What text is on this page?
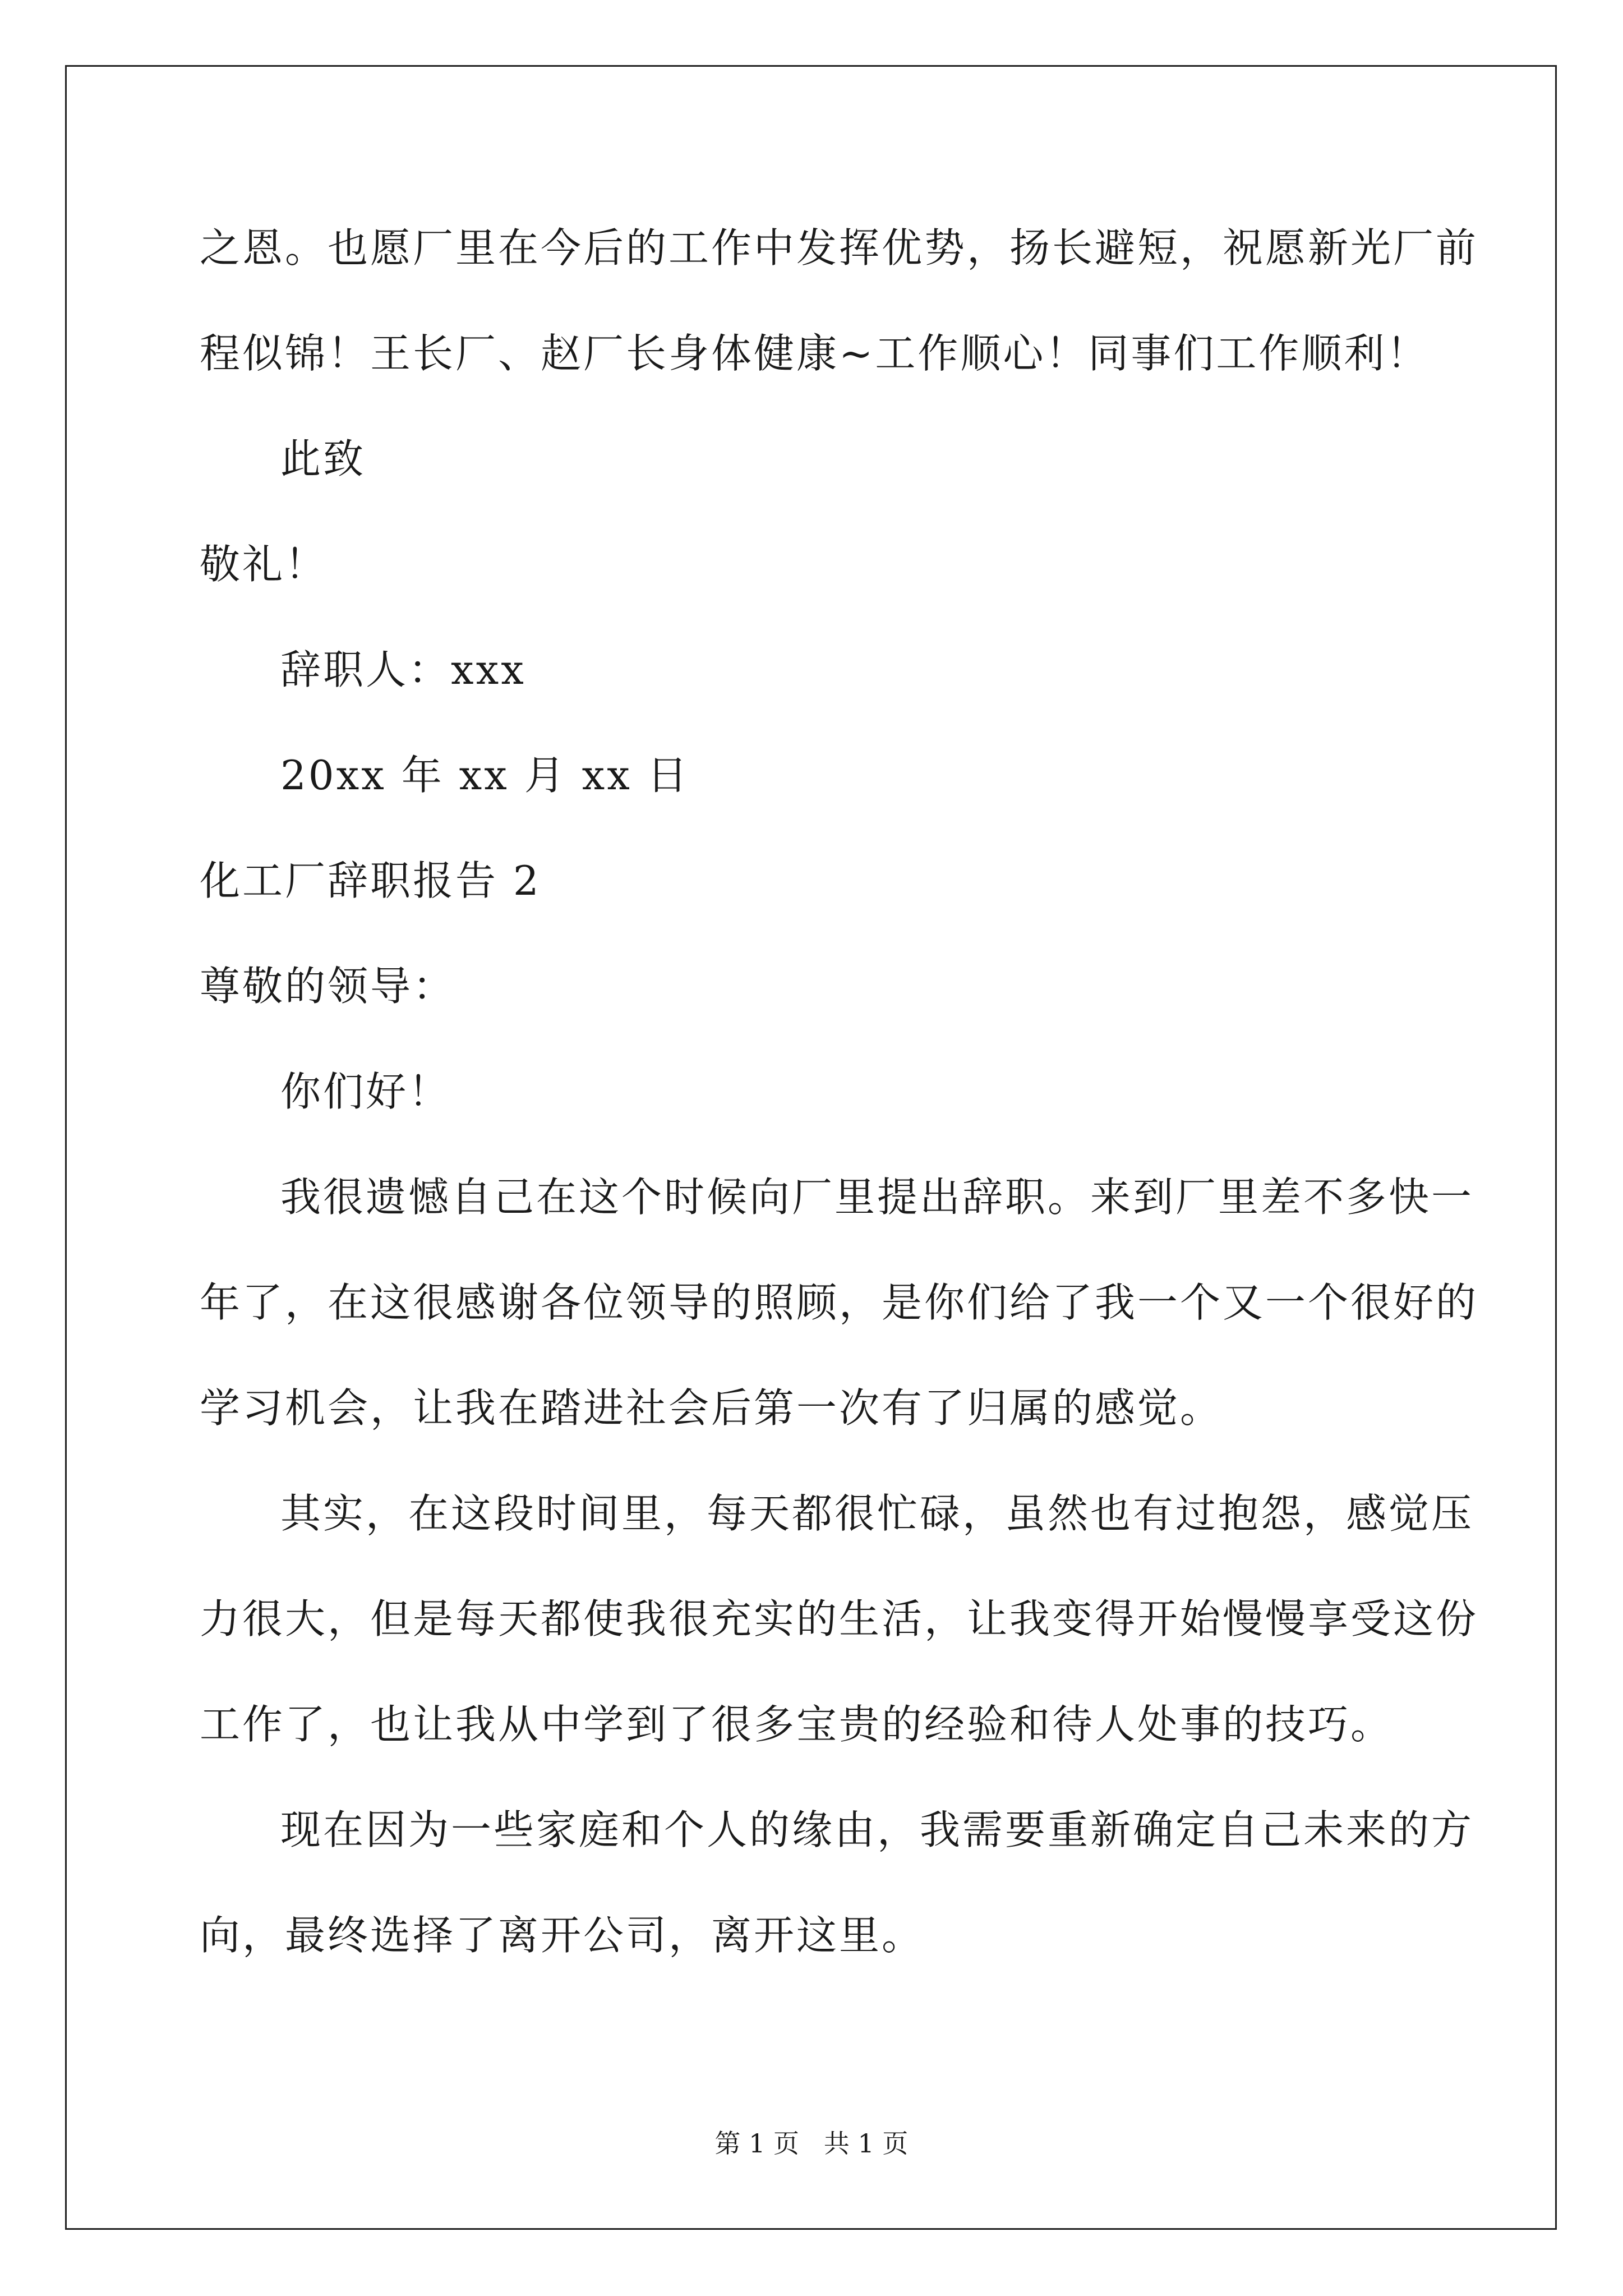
之恩。也愿厂里在今后的工作中发挥优势，扬长避短，祝愿新光厂前
程似锦！王长厂、赵厂长身体健康~工作顺心！同事们工作顺利！
此致
敬礼！
辞职人：xxx
20xx 年 xx 月 xx 日
化工厂辞职报告 2
尊敬的领导：
你们好！
我很遗憾自己在这个时候向厂里提出辞职。来到厂里差不多快一
年了，在这很感谢各位领导的照顾，是你们给了我一个又一个很好的
学习机会，让我在踏进社会后第一次有了归属的感觉。
其实，在这段时间里，每天都很忙碌，虽然也有过抱怨，感觉压
力很大，但是每天都使我很充实的生活，让我变得开始慢慢享受这份
工作了，也让我从中学到了很多宝贵的经验和待人处事的技巧。
现在因为一些家庭和个人的缘由，我需要重新确定自己未来的方
向，最终选择了离开公司，离开这里。
第 1 页   共 1 页
